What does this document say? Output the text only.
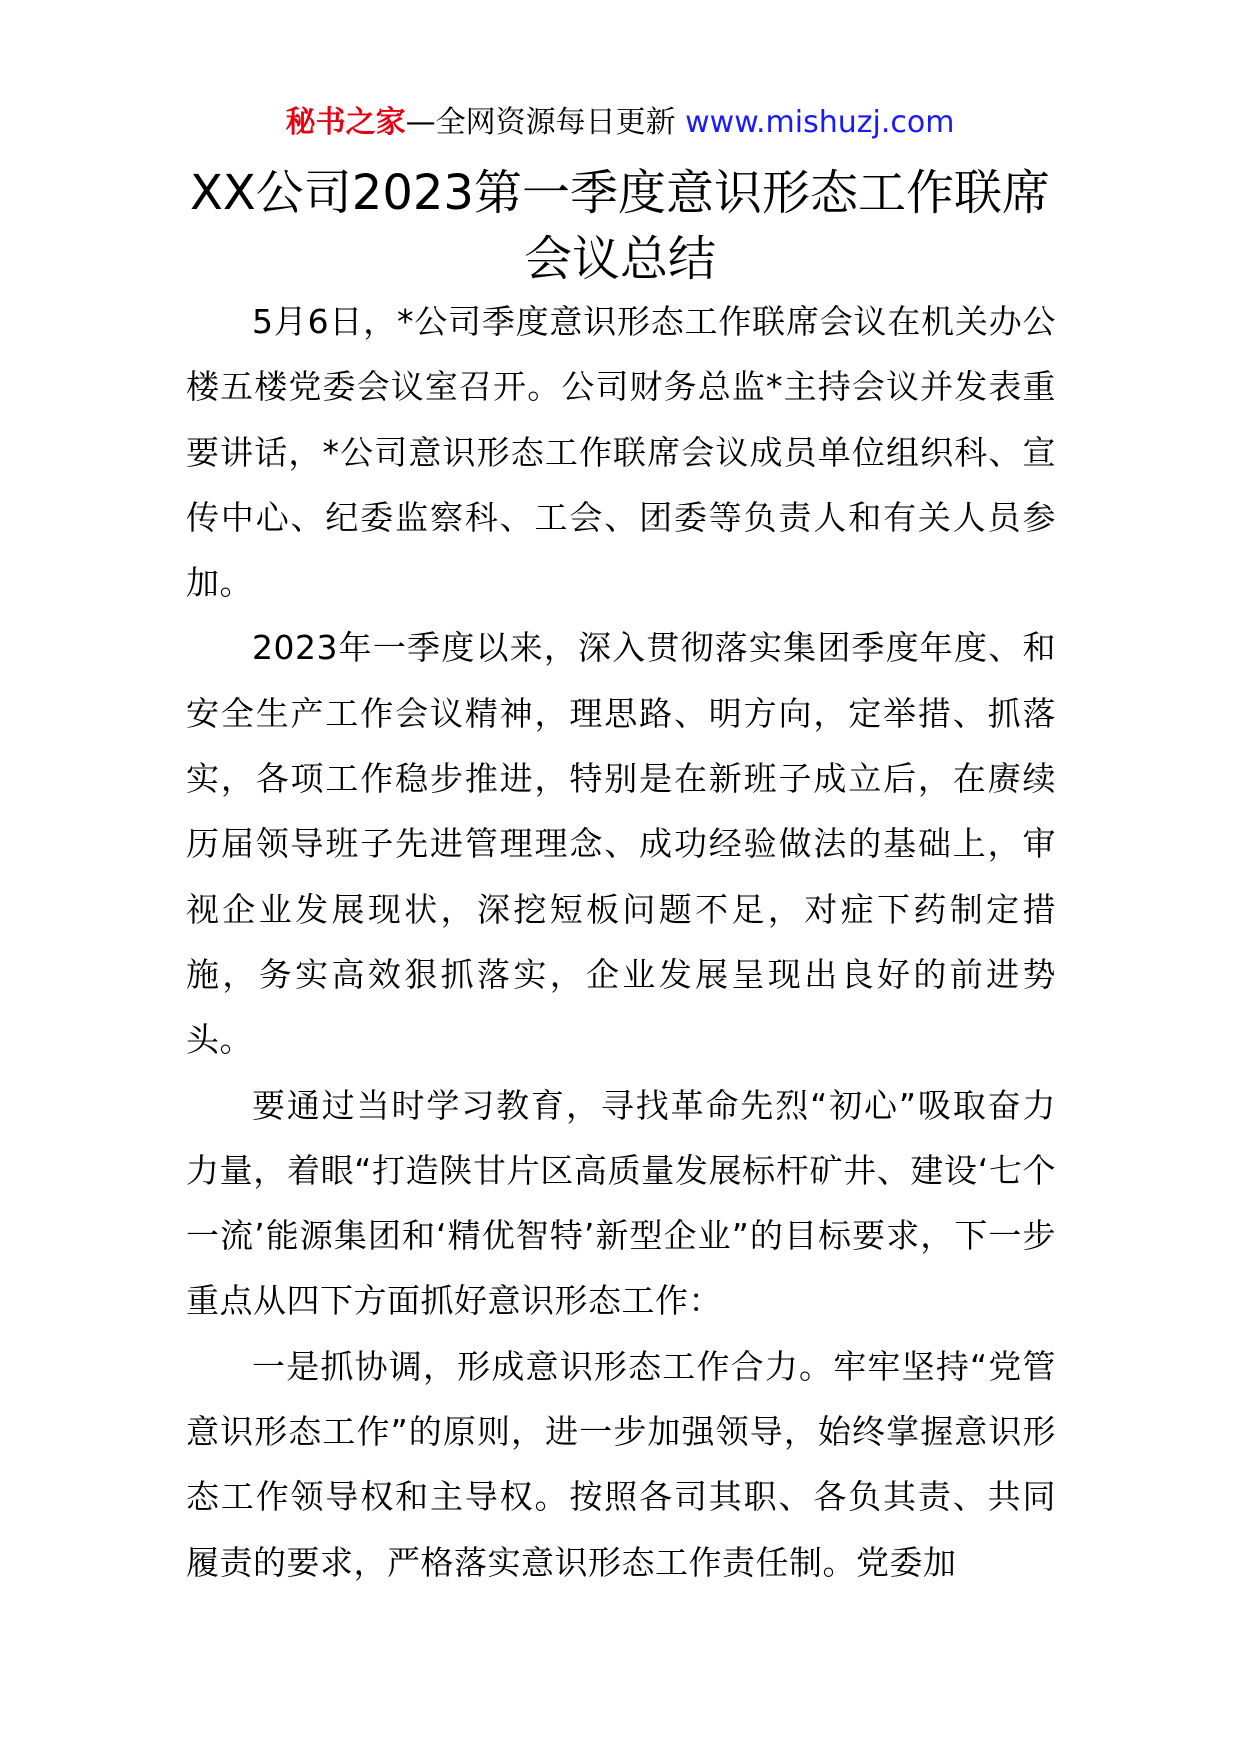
秘书之家—全网资源每日更新 www.mishuzj.com
XX公司2023第一季度意识形态工作联席会议总结

5月6日，*公司季度意识形态工作联席会议在机关办公楼五楼党委会议室召开。公司财务总监*主持会议并发表重要讲话，*公司意识形态工作联席会议成员单位组织科、宣传中心、纪委监察科、工会、团委等负责人和有关人员参加。

2023年一季度以来，深入贯彻落实集团季度年度、和安全生产工作会议精神，理思路、明方向，定举措、抓落实，各项工作稳步推进，特别是在新班子成立后，在赓续历届领导班子先进管理理念、成功经验做法的基础上，审视企业发展现状，深挖短板问题不足，对症下药制定措施，务实高效狠抓落实，企业发展呈现出良好的前进势头。

要通过当时学习教育，寻找革命先烈“初心”吸取奋力力量，着眼“打造陕甘片区高质量发展标杆矿井、建设‘七个一流’能源集团和‘精优智特’新型企业”的目标要求，下一步重点从四下方面抓好意识形态工作：

一是抓协调，形成意识形态工作合力。牢牢坚持“党管意识形态工作”的原则，进一步加强领导，始终掌握意识形态工作领导权和主导权。按照各司其职、各负其责、共同履责的要求，严格落实意识形态工作责任制。党委加
